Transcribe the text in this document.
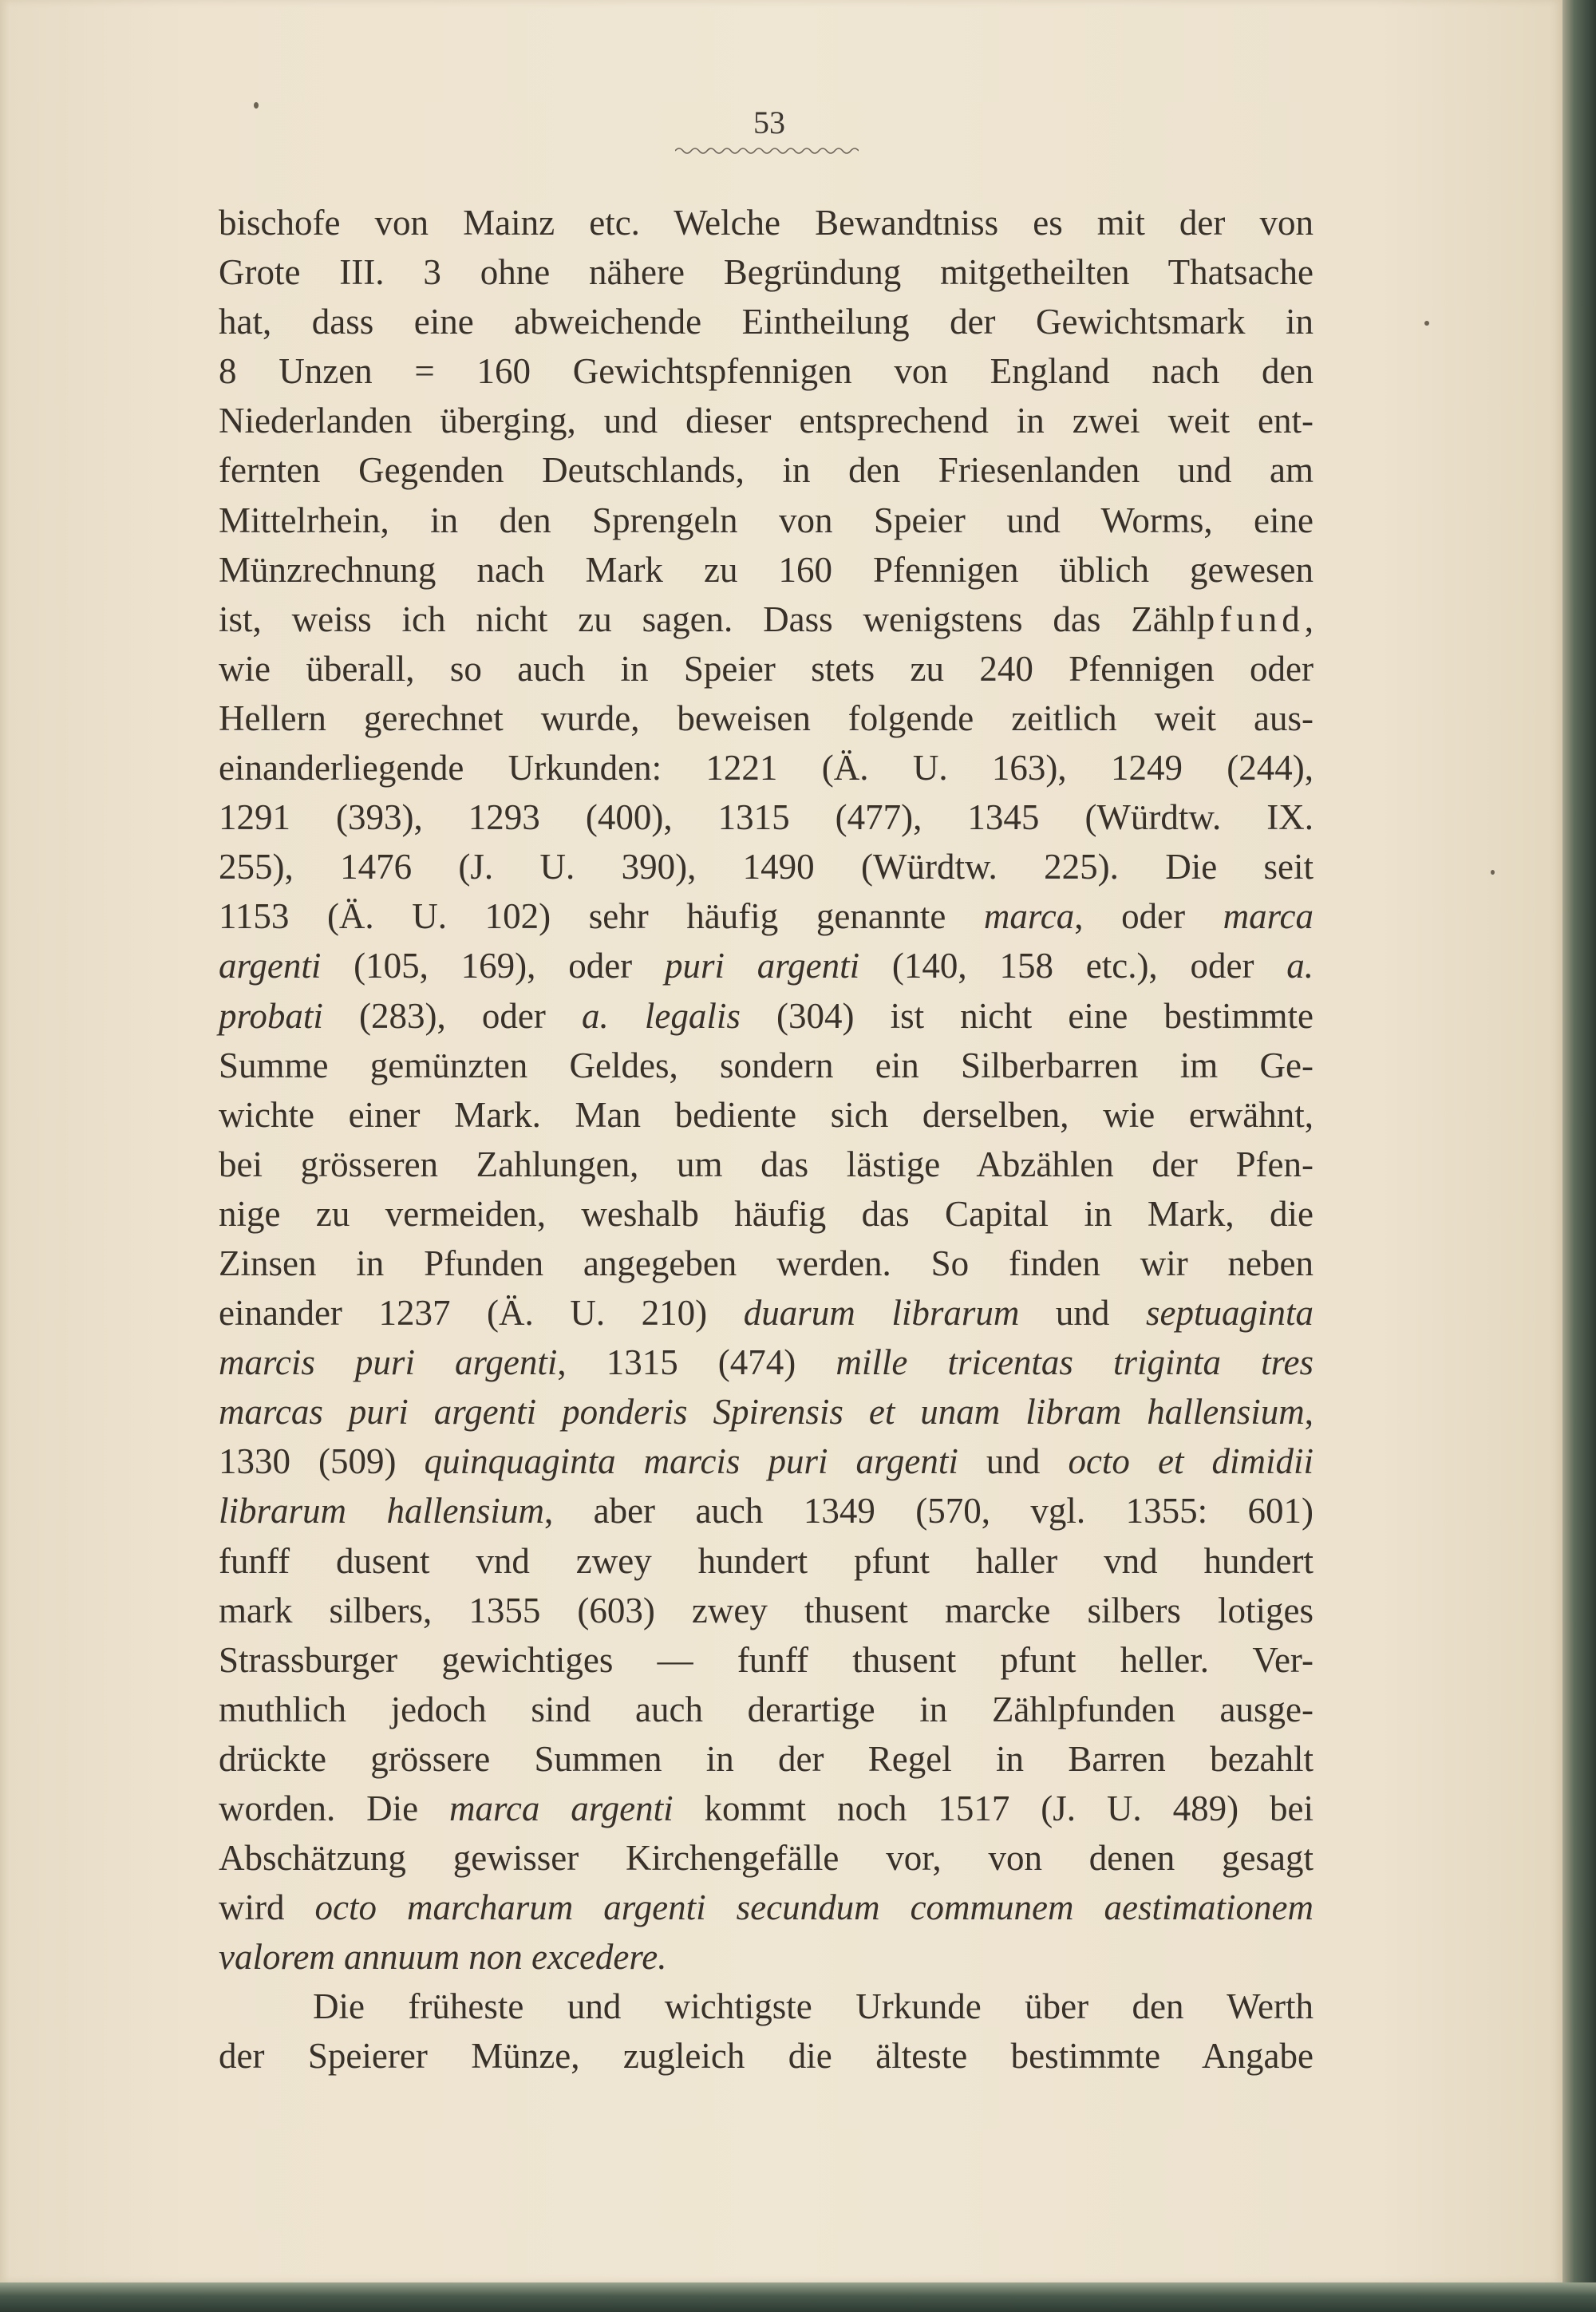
53
bischofe von Mainz etc. Welche Bewandtniss es mit der von
Grote III. 3 ohne nähere Begründung mitgetheilten Thatsache
hat, dass eine abweichende Eintheilung der Gewichtsmark in
8 Unzen = 160 Gewichtspfennigen von England nach den
Niederlanden überging, und dieser entsprechend in zwei weit ent-
fernten Gegenden Deutschlands, in den Friesenlanden und am
Mittelrhein, in den Sprengeln von Speier und Worms, eine
Münzrechnung nach Mark zu 160 Pfennigen üblich gewesen
ist, weiss ich nicht zu sagen. Dass wenigstens das Zählpfund,
wie überall, so auch in Speier stets zu 240 Pfennigen oder
Hellern gerechnet wurde, beweisen folgende zeitlich weit aus-
einanderliegende Urkunden: 1221 (Ä. U. 163), 1249 (244),
1291 (393), 1293 (400), 1315 (477), 1345 (Würdtw. IX.
255), 1476 (J. U. 390), 1490 (Würdtw. 225). Die seit
1153 (Ä. U. 102) sehr häufig genannte marca, oder marca
argenti (105, 169), oder puri argenti (140, 158 etc.), oder a.
probati (283), oder a. legalis (304) ist nicht eine bestimmte
Summe gemünzten Geldes, sondern ein Silberbarren im Ge-
wichte einer Mark. Man bediente sich derselben, wie erwähnt,
bei grösseren Zahlungen, um das lästige Abzählen der Pfen-
nige zu vermeiden, weshalb häufig das Capital in Mark, die
Zinsen in Pfunden angegeben werden. So finden wir neben
einander 1237 (Ä. U. 210) duarum librarum und septuaginta
marcis puri argenti, 1315 (474) mille tricentas triginta tres
marcas puri argenti ponderis Spirensis et unam libram hallensium,
1330 (509) quinquaginta marcis puri argenti und octo et dimidii
librarum hallensium, aber auch 1349 (570, vgl. 1355: 601)
funff dusent vnd zwey hundert pfunt haller vnd hundert
mark silbers, 1355 (603) zwey thusent marcke silbers lotiges
Strassburger gewichtiges — funff thusent pfunt heller. Ver-
muthlich jedoch sind auch derartige in Zählpfunden ausge-
drückte grössere Summen in der Regel in Barren bezahlt
worden. Die marca argenti kommt noch 1517 (J. U. 489) bei
Abschätzung gewisser Kirchengefälle vor, von denen gesagt
wird octo marcharum argenti secundum communem aestimationem
valorem annuum non excedere.
Die früheste und wichtigste Urkunde über den Werth
der Speierer Münze, zugleich die älteste bestimmte Angabe
